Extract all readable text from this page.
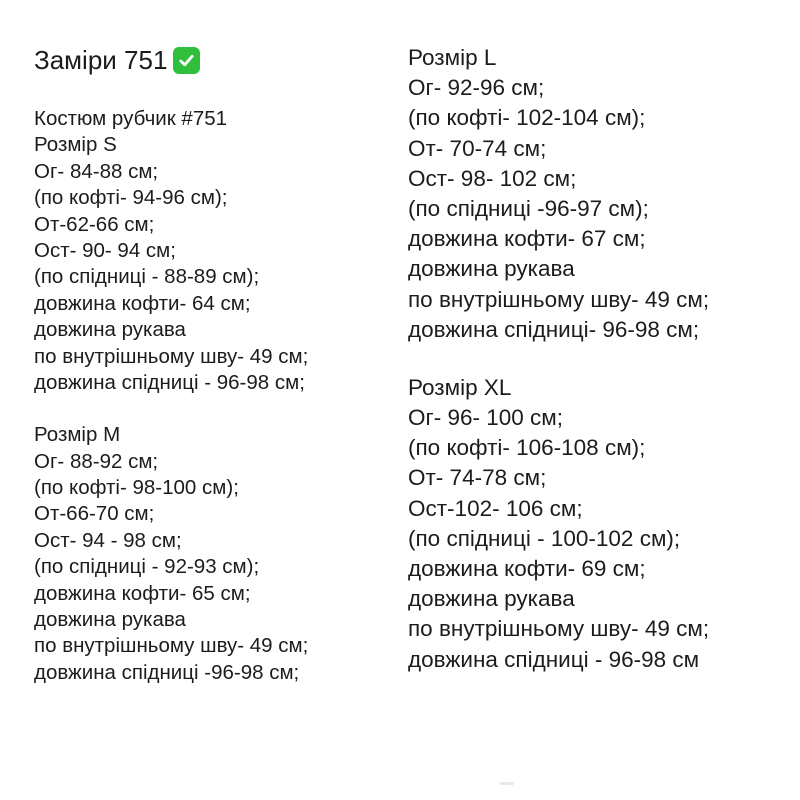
Заміри 751
Костюм рубчик #751
Розмір S
Ог- 84-88 см;
(по кофті- 94-96 см);
От-62-66 см;
Ост- 90- 94 см;
(по спідниці - 88-89 см);
довжина кофти- 64 см;
довжина рукава
по внутрішньому шву- 49 см;
довжина спідниці - 96-98 см;
Розмір M
Ог- 88-92 см;
(по кофті- 98-100 см);
От-66-70 см;
Ост- 94 - 98 см;
(по спідниці - 92-93 см);
довжина кофти- 65 см;
довжина рукава
по внутрішньому шву- 49 см;
довжина спідниці -96-98 см;
Розмір L
Ог- 92-96 см;
(по кофті- 102-104 см);
От- 70-74 см;
Ост- 98- 102 см;
(по спідниці -96-97 см);
довжина кофти- 67 см;
довжина рукава
по внутрішньому шву- 49 см;
довжина спідниці- 96-98 см;
Розмір XL
Ог- 96- 100 см;
(по кофті- 106-108 см);
От- 74-78 см;
Ост-102- 106 см;
(по спідниці - 100-102 см);
довжина кофти- 69 см;
довжина рукава
по внутрішньому шву- 49 см;
довжина спідниці - 96-98 см
